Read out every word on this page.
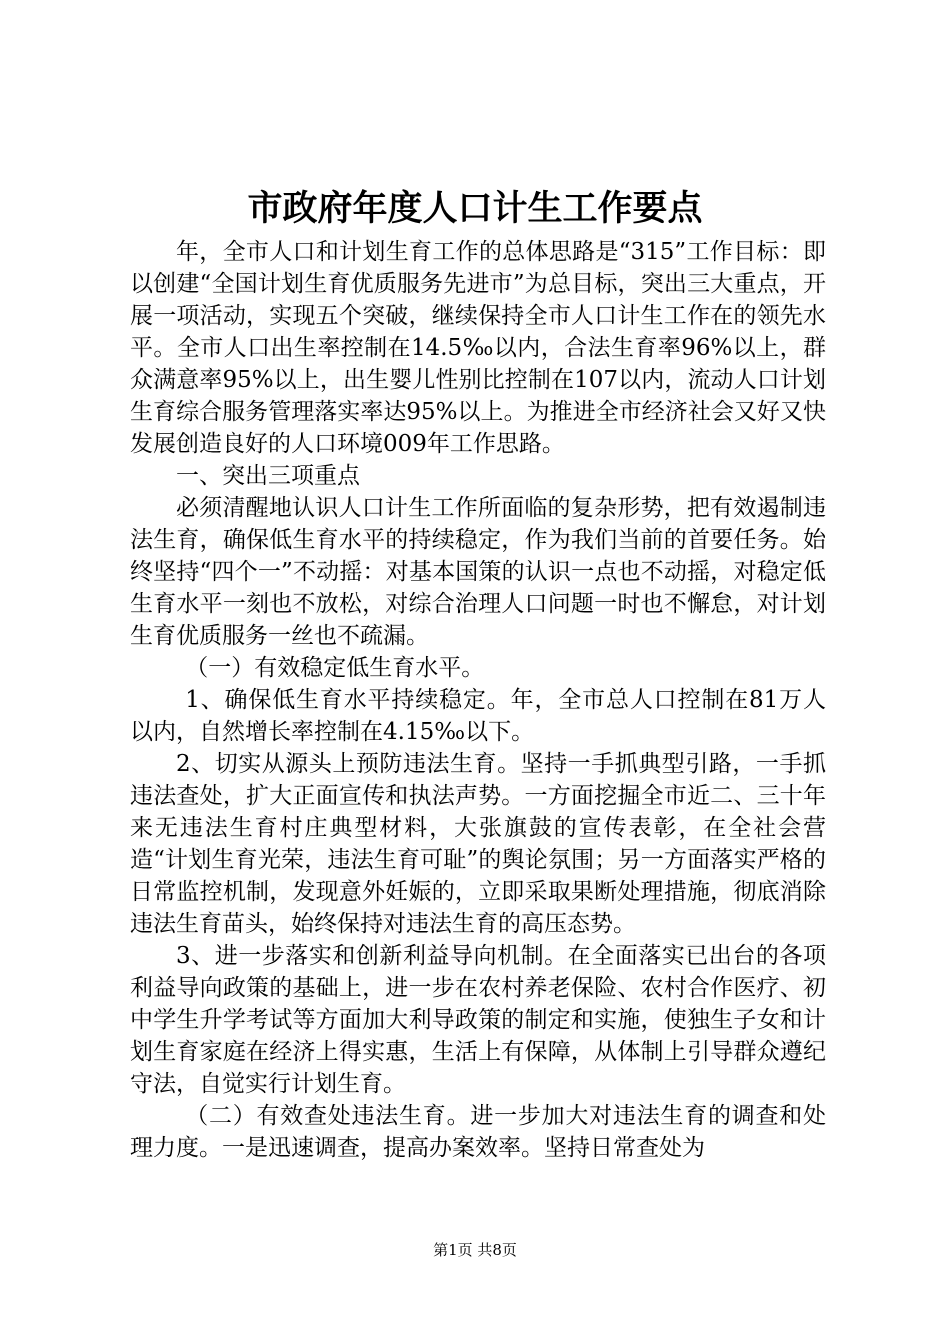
市政府年度人口计生工作要点

年，全市人口和计划生育工作的总体思路是“315”工作目标：即以创建“全国计划生育优质服务先进市”为总目标，突出三大重点，开展一项活动，实现五个突破，继续保持全市人口计生工作在的领先水平。全市人口出生率控制在14.5‰以内，合法生育率96%以上，群众满意率95%以上，出生婴儿性别比控制在107以内，流动人口计划生育综合服务管理落实率达95%以上。为推进全市经济社会又好又快发展创造良好的人口环境009年工作思路。

一、突出三项重点

必须清醒地认识人口计生工作所面临的复杂形势，把有效遏制违法生育，确保低生育水平的持续稳定，作为我们当前的首要任务。始终坚持“四个一”不动摇：对基本国策的认识一点也不动摇，对稳定低生育水平一刻也不放松，对综合治理人口问题一时也不懈怠，对计划生育优质服务一丝也不疏漏。

（一）有效稳定低生育水平。

1、确保低生育水平持续稳定。年，全市总人口控制在81万人以内，自然增长率控制在4.15‰以下。

2、切实从源头上预防违法生育。坚持一手抓典型引路，一手抓违法查处，扩大正面宣传和执法声势。一方面挖掘全市近二、三十年来无违法生育村庄典型材料，大张旗鼓的宣传表彰，在全社会营造“计划生育光荣，违法生育可耻”的舆论氛围；另一方面落实严格的日常监控机制，发现意外妊娠的，立即采取果断处理措施，彻底消除违法生育苗头，始终保持对违法生育的高压态势。

3、进一步落实和创新利益导向机制。在全面落实已出台的各项利益导向政策的基础上，进一步在农村养老保险、农村合作医疗、初中学生升学考试等方面加大利导政策的制定和实施，使独生子女和计划生育家庭在经济上得实惠，生活上有保障，从体制上引导群众遵纪守法，自觉实行计划生育。

（二）有效查处违法生育。进一步加大对违法生育的调查和处理力度。一是迅速调查，提高办案效率。坚持日常查处为

第1页 共8页
